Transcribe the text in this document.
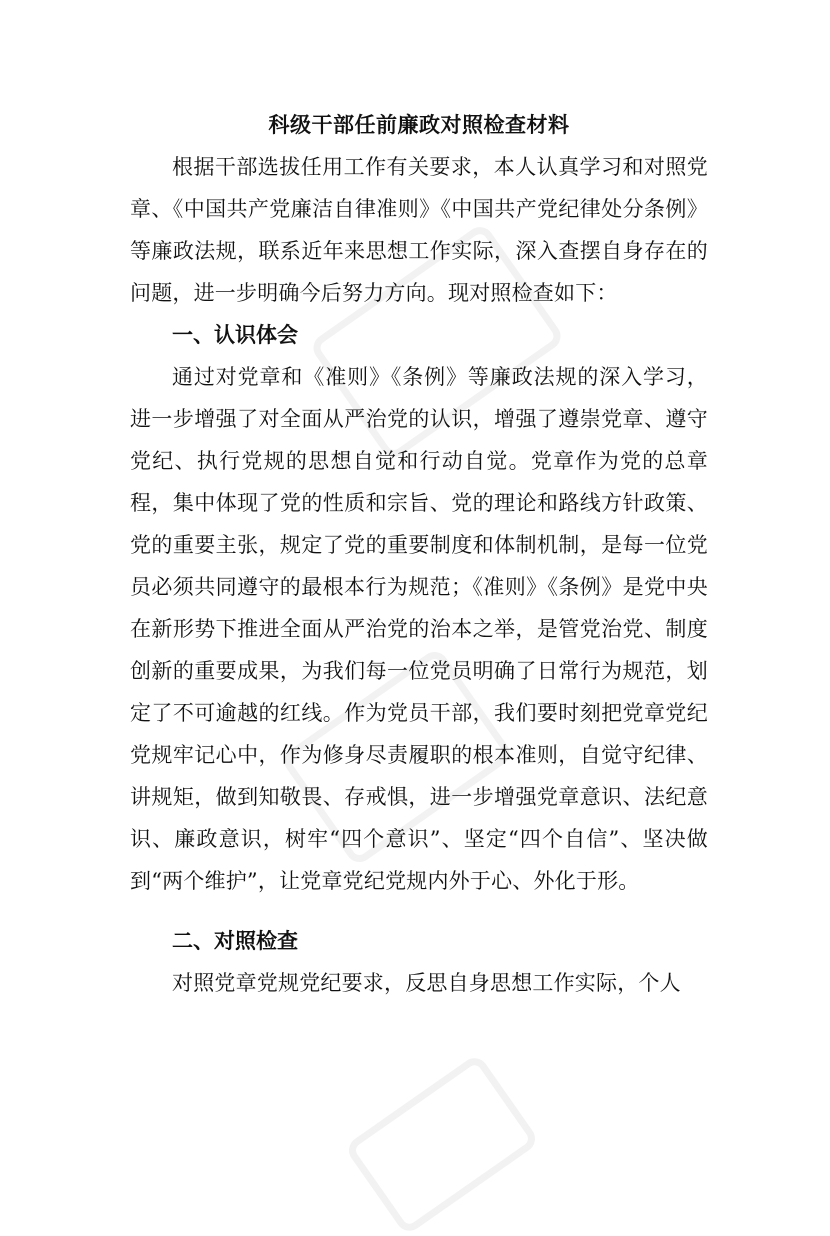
科级干部任前廉政对照检查材料

根据干部选拔任用工作有关要求，本人认真学习和对照党章、《中国共产党廉洁自律准则》《中国共产党纪律处分条例》等廉政法规，联系近年来思想工作实际，深入查摆自身存在的问题，进一步明确今后努力方向。现对照检查如下：

一、认识体会

通过对党章和《准则》《条例》等廉政法规的深入学习，进一步增强了对全面从严治党的认识，增强了遵崇党章、遵守党纪、执行党规的思想自觉和行动自觉。党章作为党的总章程，集中体现了党的性质和宗旨、党的理论和路线方针政策、党的重要主张，规定了党的重要制度和体制机制，是每一位党员必须共同遵守的最根本行为规范；《准则》《条例》是党中央在新形势下推进全面从严治党的治本之举，是管党治党、制度创新的重要成果，为我们每一位党员明确了日常行为规范，划定了不可逾越的红线。作为党员干部，我们要时刻把党章党纪党规牢记心中，作为修身尽责履职的根本准则，自觉守纪律、讲规矩，做到知敬畏、存戒惧，进一步增强党章意识、法纪意识、廉政意识，树牢“四个意识”、坚定“四个自信”、坚决做到“两个维护”，让党章党纪党规内外于心、外化于形。

二、对照检查

对照党章党规党纪要求，反思自身思想工作实际，个人
